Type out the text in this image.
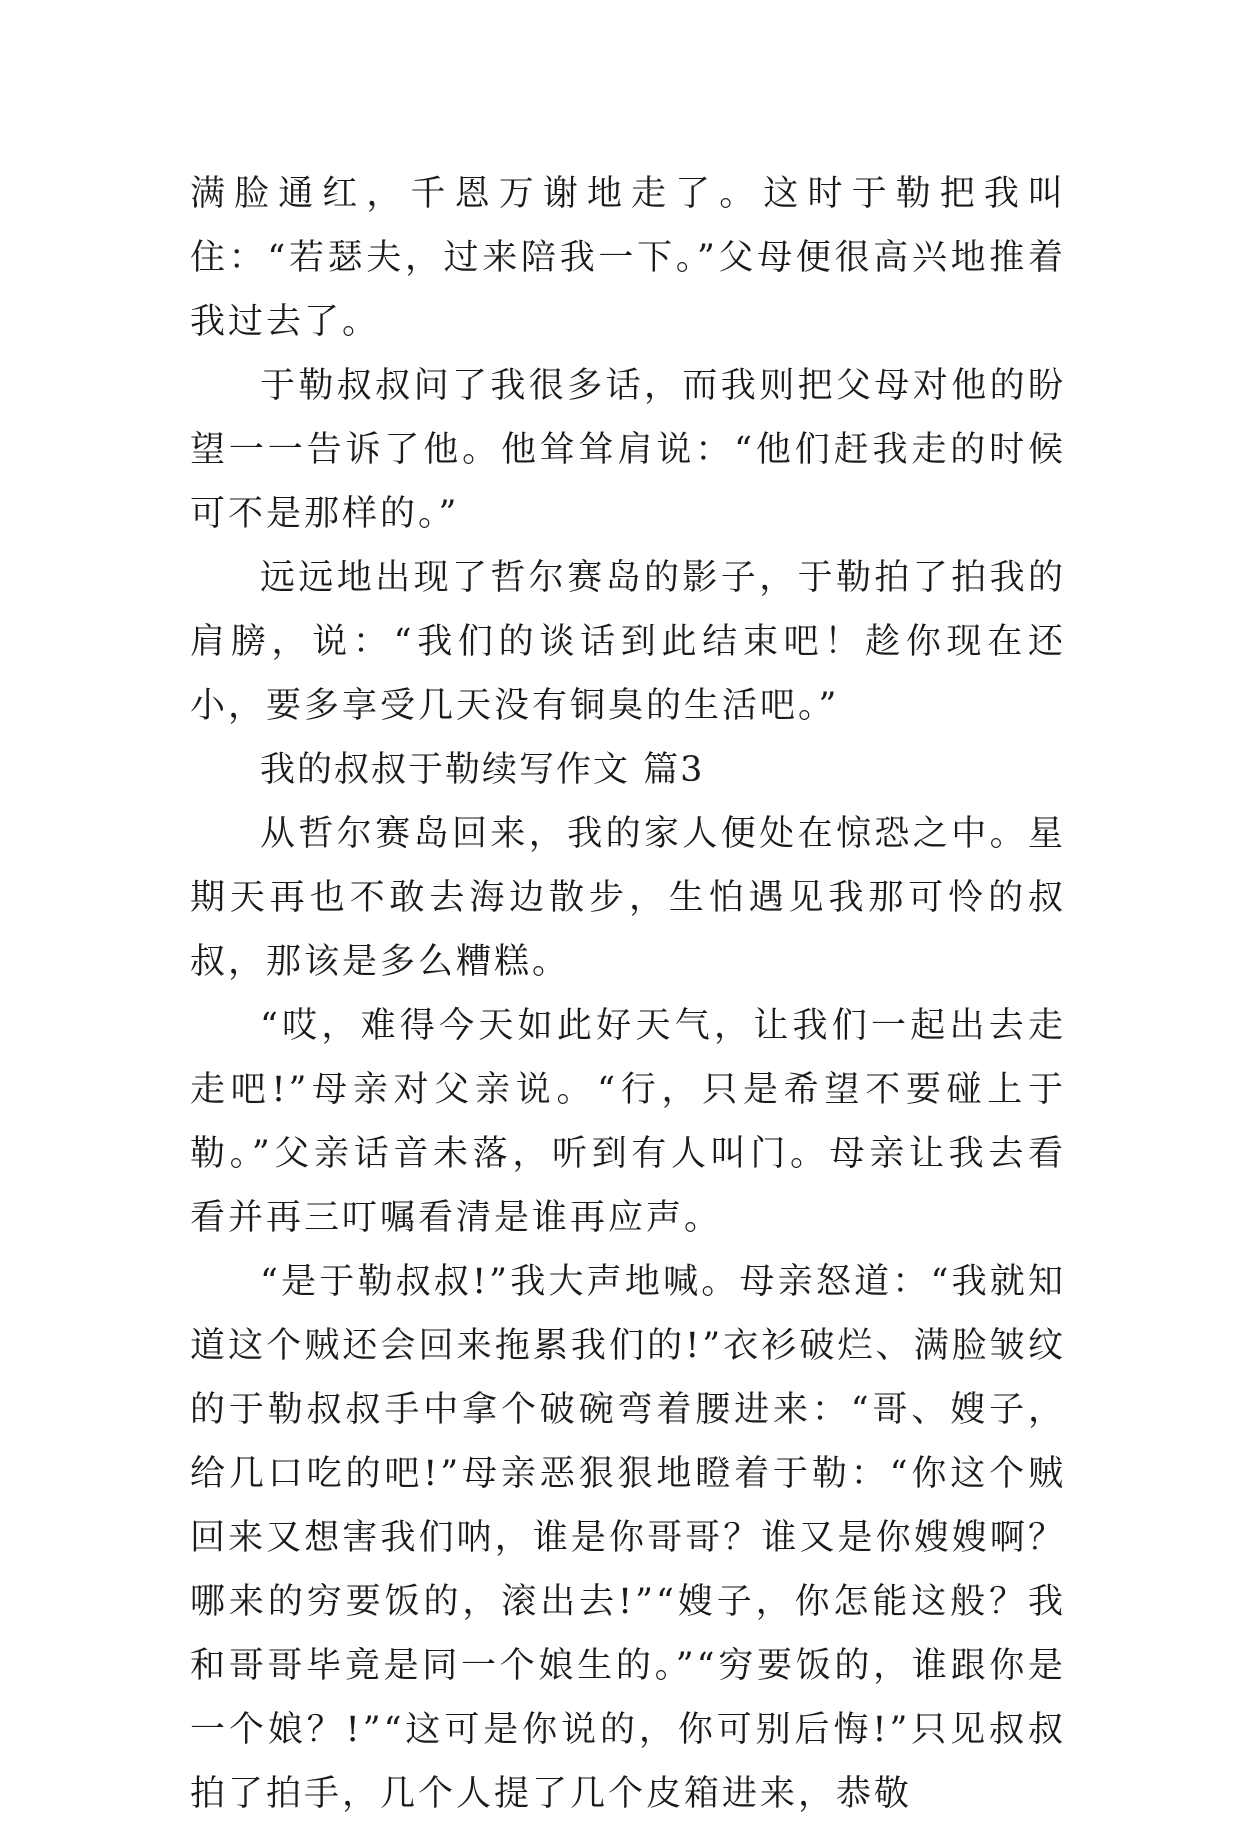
满脸通红，千恩万谢地走了。这时于勒把我叫住：“若瑟夫，过来陪我一下。”父母便很高兴地推着我过去了。

于勒叔叔问了我很多话，而我则把父母对他的盼望一一告诉了他。他耸耸肩说：“他们赶我走的时候可不是那样的。”

远远地出现了哲尔赛岛的影子，于勒拍了拍我的肩膀，说：“我们的谈话到此结束吧！趁你现在还小，要多享受几天没有铜臭的生活吧。”

我的叔叔于勒续写作文 篇3

从哲尔赛岛回来，我的家人便处在惊恐之中。星期天再也不敢去海边散步，生怕遇见我那可怜的叔叔，那该是多么糟糕。

“哎，难得今天如此好天气，让我们一起出去走走吧!”母亲对父亲说。“行，只是希望不要碰上于勒。”父亲话音未落，听到有人叫门。母亲让我去看看并再三叮嘱看清是谁再应声。

“是于勒叔叔!”我大声地喊。母亲怒道：“我就知道这个贼还会回来拖累我们的!”衣衫破烂、满脸皱纹的于勒叔叔手中拿个破碗弯着腰进来：“哥、嫂子，给几口吃的吧!”母亲恶狠狠地瞪着于勒：“你这个贼回来又想害我们呐，谁是你哥哥？谁又是你嫂嫂啊？哪来的穷要饭的，滚出去!”“嫂子，你怎能这般？我和哥哥毕竟是同一个娘生的。”“穷要饭的，谁跟你是一个娘？!”“这可是你说的，你可别后悔!”只见叔叔拍了拍手，几个人提了几个皮箱进来，恭敬
